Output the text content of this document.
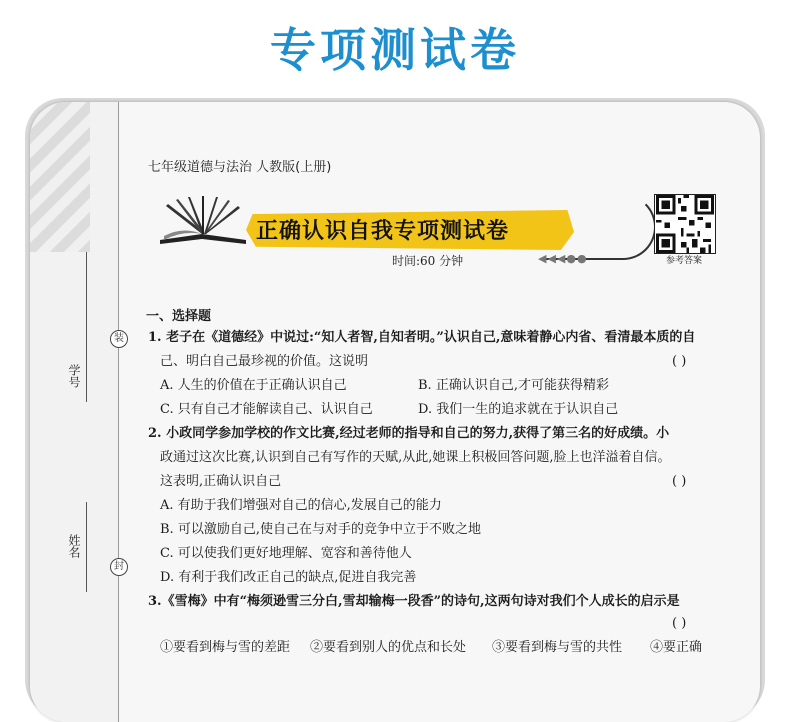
专项测试卷
学号
姓名
装
封
七年级道德与法治 人教版(上册)
正确认识自我专项测试卷
时间:60 分钟	◀◀◀●●	参考答案
一、选择题
1. 老子在《道德经》中说过:“知人者智,自知者明。”认识自己,意味着静心内省、看清最本质的自
己、明白自己最珍视的价值。这说明	( )
A. 人生的价值在于正确认识自己	B. 正确认识自己,才可能获得精彩
C. 只有自己才能解读自己、认识自己	D. 我们一生的追求就在于认识自己
2. 小政同学参加学校的作文比赛,经过老师的指导和自己的努力,获得了第三名的好成绩。小
政通过这次比赛,认识到自己有写作的天赋,从此,她课上积极回答问题,脸上也洋溢着自信。
这表明,正确认识自己	( )
A. 有助于我们增强对自己的信心,发展自己的能力
B. 可以激励自己,使自己在与对手的竞争中立于不败之地
C. 可以使我们更好地理解、宽容和善待他人
D. 有利于我们改正自己的缺点,促进自我完善
3.《雪梅》中有“梅须逊雪三分白,雪却输梅一段香”的诗句,这两句诗对我们个人成长的启示是
( )
①要看到梅与雪的差距 ②要看到别人的优点和长处 ③要看到梅与雪的共性 ④要正确
